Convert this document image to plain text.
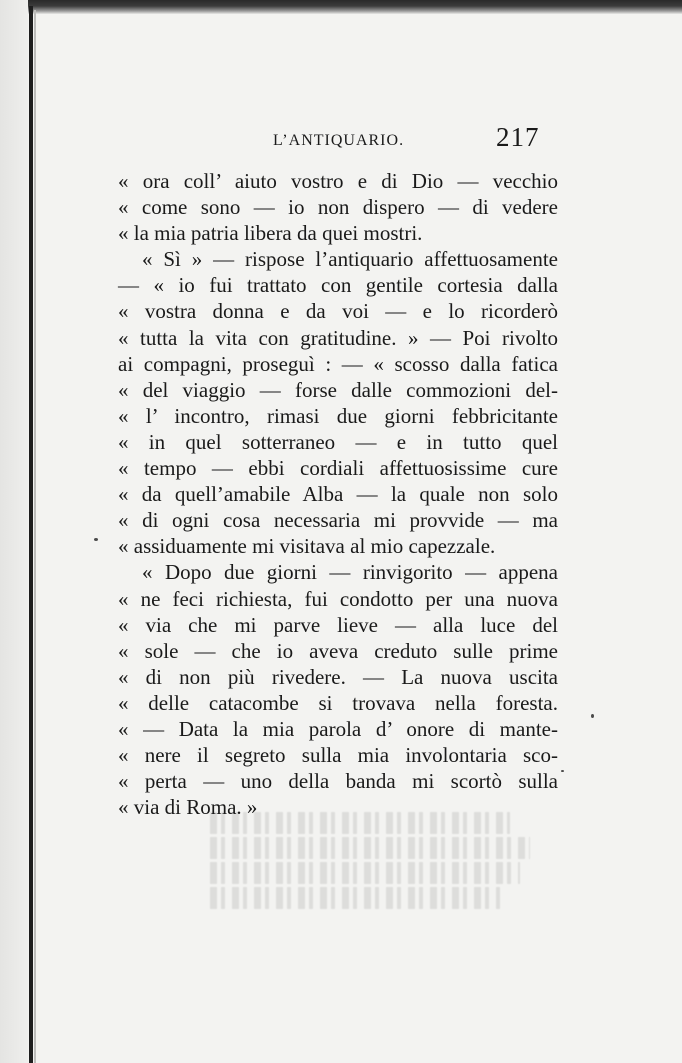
L’ANTIQUARIO.	217
« ora coll’ aiuto vostro e di Dio — vecchio
« come sono — io non dispero — di vedere
« la mia patria libera da quei mostri.
« Sì » — rispose l’antiquario affettuosamente
— « io fui trattato con gentile cortesia dalla
« vostra donna e da voi — e lo ricorderò
« tutta la vita con gratitudine. » — Poi rivolto
ai compagni, proseguì : — « scosso dalla fatica
« del viaggio — forse dalle commozioni del-
« l’ incontro, rimasi due giorni febbricitante
« in quel sotterraneo — e in tutto quel
« tempo — ebbi cordiali affettuosissime cure
« da quell’amabile Alba — la quale non solo
« di ogni cosa necessaria mi provvide — ma
« assiduamente mi visitava al mio capezzale.
« Dopo due giorni — rinvigorito — appena
« ne feci richiesta, fui condotto per una nuova
« via che mi parve lieve — alla luce del
« sole — che io aveva creduto sulle prime
« di non più rivedere. — La nuova uscita
« delle catacombe si trovava nella foresta.
« — Data la mia parola d’ onore di mante-
« nere il segreto sulla mia involontaria sco-
« perta — uno della banda mi scortò sulla
« via di Roma. »
